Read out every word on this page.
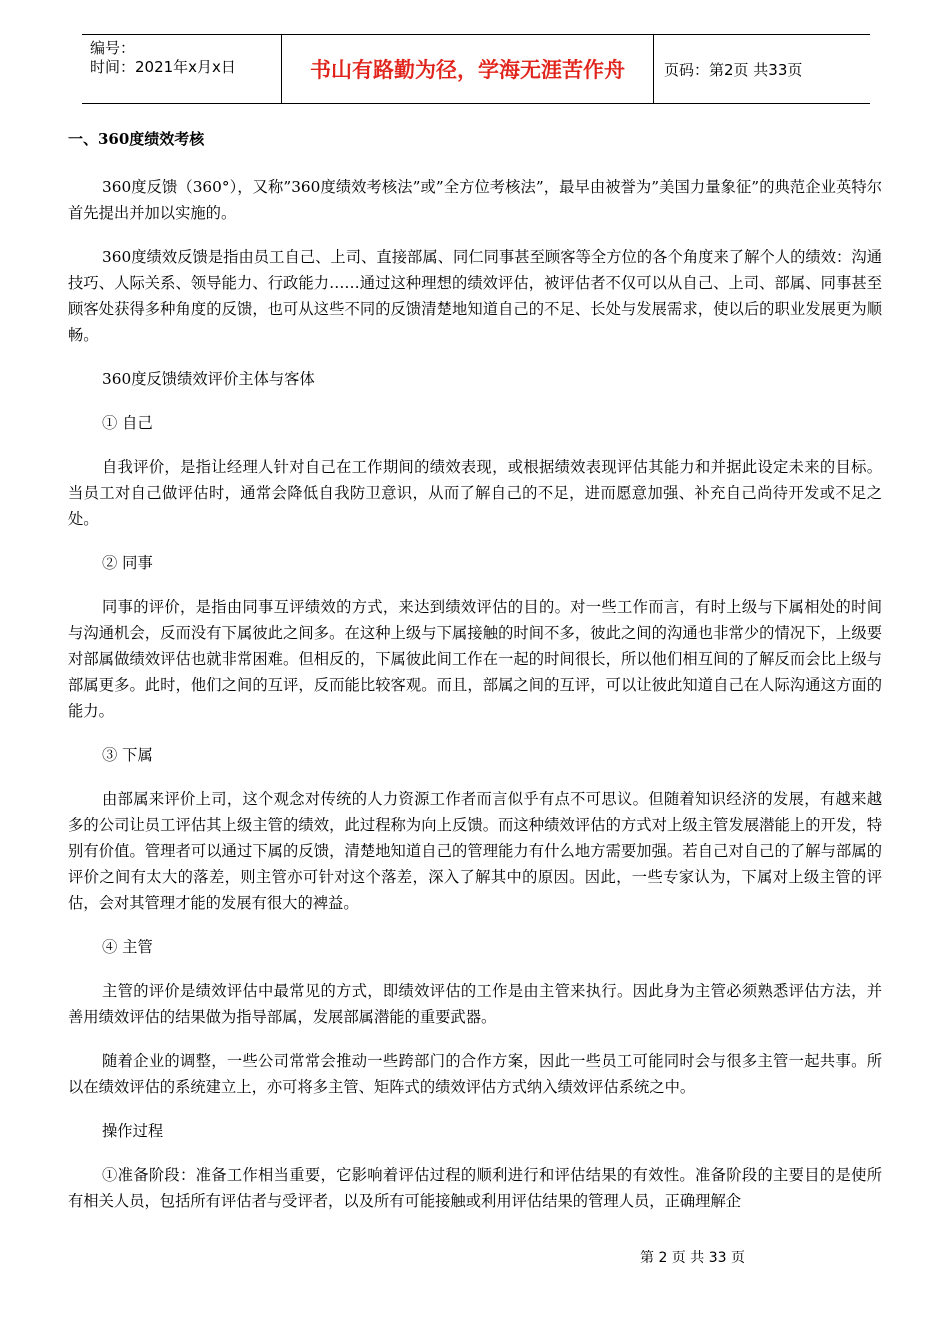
编号：
时间：2021年x月x日	书山有路勤为径，学海无涯苦作舟	页码：第2页 共33页
一、360度绩效考核

360度反馈（360°），又称”360度绩效考核法”或”全方位考核法”，最早由被誉为”美国力量象征”的典范企业英特尔首先提出并加以实施的。

360度绩效反馈是指由员工自己、上司、直接部属、同仁同事甚至顾客等全方位的各个角度来了解个人的绩效：沟通技巧、人际关系、领导能力、行政能力……通过这种理想的绩效评估，被评估者不仅可以从自己、上司、部属、同事甚至顾客处获得多种角度的反馈，也可从这些不同的反馈清楚地知道自己的不足、长处与发展需求，使以后的职业发展更为顺畅。

360度反馈绩效评价主体与客体

① 自己

自我评价，是指让经理人针对自己在工作期间的绩效表现，或根据绩效表现评估其能力和并据此设定未来的目标。当员工对自己做评估时，通常会降低自我防卫意识，从而了解自己的不足，进而愿意加强、补充自己尚待开发或不足之处。

② 同事

同事的评价，是指由同事互评绩效的方式，来达到绩效评估的目的。对一些工作而言，有时上级与下属相处的时间与沟通机会，反而没有下属彼此之间多。在这种上级与下属接触的时间不多，彼此之间的沟通也非常少的情况下，上级要对部属做绩效评估也就非常困难。但相反的，下属彼此间工作在一起的时间很长，所以他们相互间的了解反而会比上级与部属更多。此时，他们之间的互评，反而能比较客观。而且，部属之间的互评，可以让彼此知道自己在人际沟通这方面的能力。

③ 下属

由部属来评价上司，这个观念对传统的人力资源工作者而言似乎有点不可思议。但随着知识经济的发展，有越来越多的公司让员工评估其上级主管的绩效，此过程称为向上反馈。而这种绩效评估的方式对上级主管发展潜能上的开发，特别有价值。管理者可以通过下属的反馈，清楚地知道自己的管理能力有什么地方需要加强。若自己对自己的了解与部属的评价之间有太大的落差，则主管亦可针对这个落差，深入了解其中的原因。因此，一些专家认为，下属对上级主管的评估，会对其管理才能的发展有很大的裨益。

④ 主管

主管的评价是绩效评估中最常见的方式，即绩效评估的工作是由主管来执行。因此身为主管必须熟悉评估方法，并善用绩效评估的结果做为指导部属，发展部属潜能的重要武器。

随着企业的调整，一些公司常常会推动一些跨部门的合作方案，因此一些员工可能同时会与很多主管一起共事。所以在绩效评估的系统建立上，亦可将多主管、矩阵式的绩效评估方式纳入绩效评估系统之中。

操作过程

①准备阶段：准备工作相当重要，它影响着评估过程的顺利进行和评估结果的有效性。准备阶段的主要目的是使所有相关人员，包括所有评估者与受评者，以及所有可能接触或利用评估结果的管理人员，正确理解企

第 2 页 共 33 页
